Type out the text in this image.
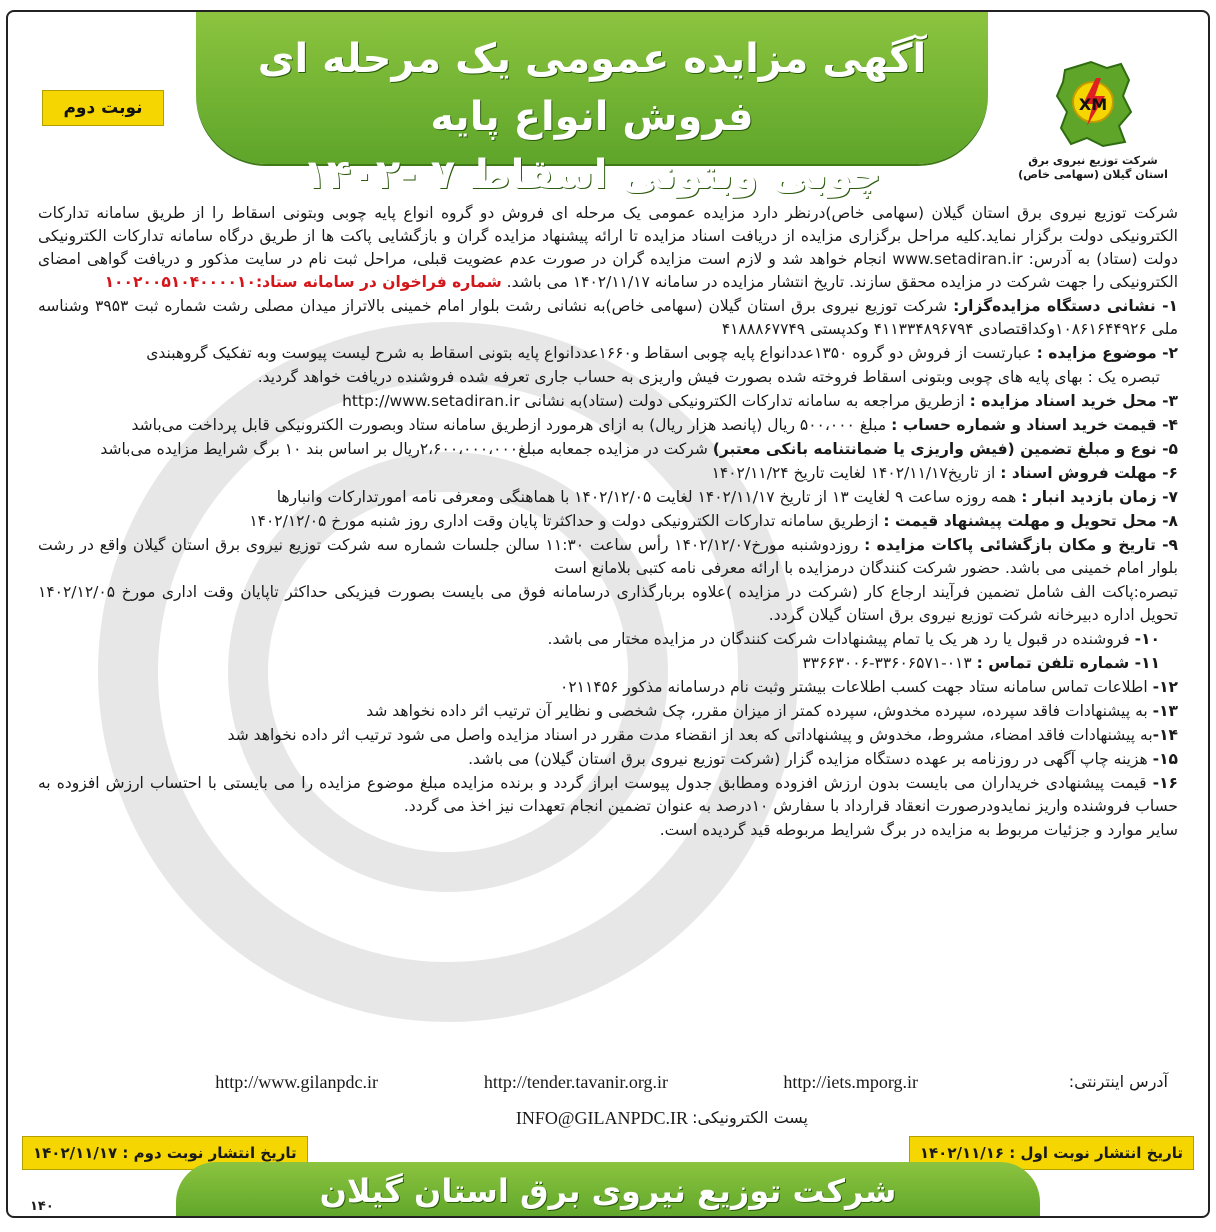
آگهی مزایده عمومی یک مرحله ای فروش انواع پایه
چوبی وبتونی اسقاط ۷ -۱۴۰۲
نوبت دوم	XM
شرکت توزیع نیروی برق
استان گیلان (سهامی خاص)

شرکت توزیع نیروی برق استان گیلان (سهامی خاص)درنظر دارد مزایده عمومی یک مرحله ای فروش دو گروه انواع پایه چوبی وبتونی اسقاط را از طریق سامانه تدارکات الکترونیکی دولت برگزار نماید.کلیه مراحل برگزاری مزایده از دریافت اسناد مزایده تا ارائه پیشنهاد مزایده گران و بازگشایی پاکت ها از طریق درگاه سامانه تدارکات الکترونیکی دولت (ستاد) به آدرس: www.setadiran.ir انجام خواهد شد و لازم است مزایده گران در صورت عدم عضویت قبلی، مراحل ثبت نام در سایت مذکور و دریافت گواهی امضای الکترونیکی را جهت شرکت در مزایده محقق سازند. تاریخ انتشار مزایده در سامانه ۱۴۰۲/۱۱/۱۷ می باشد. شماره فراخوان در سامانه ستاد:۱۰۰۲۰۰۵۱۰۴۰۰۰۰۱۰

۱- نشانی دستگاه مزایده‌گزار: شرکت توزیع نیروی برق استان گیلان (سهامی خاص)به نشانی رشت بلوار امام خمینی بالاتراز میدان مصلی رشت شماره ثبت ۳۹۵۳ وشناسه ملی ۱۰۸۶۱۶۴۴۹۲۶وکداقتصادی ۴۱۱۳۳۴۸۹۶۷۹۴ وکدپستی ۴۱۸۸۸۶۷۷۴۹

۲- موضوع مزایده : عبارتست از فروش دو گروه ۱۳۵۰عددانواع پایه چوبی اسقاط و۱۶۶۰عددانواع پایه بتونی اسقاط به شرح لیست پیوست وبه تفکیک گروهبندی

تبصره یک : بهای پایه های چوبی وبتونی اسقاط فروخته شده بصورت فیش واریزی به حساب جاری تعرفه شده فروشنده دریافت خواهد گردید.

۳- محل خرید اسناد مزایده : ازطریق مراجعه به سامانه تدارکات الکترونیکی دولت (ستاد)به نشانی http://www.setadiran.ir

۴- قیمت خرید اسناد و شماره حساب : مبلغ ۵۰۰،۰۰۰ ریال (پانصد هزار ریال) به ازای هرمورد ازطریق سامانه ستاد وبصورت الکترونیکی قابل پرداخت می‌باشد

۵- نوع و مبلغ تضمین (فیش واریزی یا ضمانتنامه بانکی معتبر) شرکت در مزایده جمعابه مبلغ۲،۶۰۰،۰۰۰،۰۰۰ریال بر اساس بند ۱۰ برگ شرایط مزایده می‌باشد

۶- مهلت فروش اسناد : از تاریخ۱۴۰۲/۱۱/۱۷ لغایت تاریخ ۱۴۰۲/۱۱/۲۴

۷- زمان بازدید انبار : همه روزه ساعت ۹ لغایت ۱۳ از تاریخ ۱۴۰۲/۱۱/۱۷ لغایت ۱۴۰۲/۱۲/۰۵ با هماهنگی ومعرفی نامه امورتدارکات وانبارها

۸- محل تحویل و مهلت پیشنهاد قیمت : ازطریق سامانه تدارکات الکترونیکی دولت و حداکثرتا پایان وقت اداری روز شنبه مورخ ۱۴۰۲/۱۲/۰۵

۹- تاریخ و مکان بازگشائی پاکات مزایده : روزدوشنبه مورخ۱۴۰۲/۱۲/۰۷ رأس ساعت ۱۱:۳۰ سالن جلسات شماره سه شرکت توزیع نیروی برق استان گیلان واقع در رشت بلوار امام خمینی می باشد. حضور شرکت کنندگان درمزایده با ارائه معرفی نامه کتبی بلامانع است

تبصره:پاکت الف شامل تضمین فرآیند ارجاع کار (شرکت در مزایده )علاوه بربارگذاری درسامانه فوق می بایست بصورت فیزیکی حداکثر تاپایان وقت اداری مورخ ۱۴۰۲/۱۲/۰۵ تحویل اداره دبیرخانه شرکت توزیع نیروی برق استان گیلان گردد.

۱۰- فروشنده در قبول یا رد هر یک یا تمام پیشنهادات شرکت کنندگان در مزایده مختار می باشد.

۱۱- شماره تلفن تماس : ۰۱۳-۳۳۶۰۶۵۷۱-۳۳۶۶۳۰۰۶

۱۲- اطلاعات تماس سامانه ستاد جهت کسب اطلاعات بیشتر وثبت نام درسامانه مذکور ۰۲۱۱۴۵۶

۱۳- به پیشنهادات فاقد سپرده، سپرده مخدوش، سپرده کمتر از میزان مقرر، چک شخصی و نظایر آن ترتیب اثر داده نخواهد شد

۱۴-به پیشنهادات فاقد امضاء، مشروط، مخدوش و پیشنهاداتی که بعد از انقضاء مدت مقرر در اسناد مزایده واصل می شود ترتیب اثر داده نخواهد شد

۱۵- هزینه چاپ آگهی در روزنامه بر عهده دستگاه مزایده گزار (شرکت توزیع نیروی برق استان گیلان) می باشد.

۱۶- قیمت پیشنهادی خریداران می بایست بدون ارزش افزوده ومطابق جدول پیوست ابراز گردد و برنده مزایده مبلغ موضوع مزایده را می بایستی با احتساب ارزش افزوده به حساب فروشنده واریز نمایدودرصورت انعقاد قرارداد با سفارش ۱۰درصد به عنوان تضمین انجام تعهدات نیز اخذ می گردد.

سایر موارد و جزئیات مربوط به مزایده در برگ شرایط مربوطه قید گردیده است.

آدرس اینترنتی:
http://iets.mporg.ir
http://tender.tavanir.org.ir
http://www.gilanpdc.ir
پست الکترونیکی:
INFO@GILANPDC.IR
تاریخ انتشار نوبت اول : ۱۴۰۲/۱۱/۱۶
تاریخ انتشار نوبت دوم : ۱۴۰۲/۱۱/۱۷
شرکت توزیع نیروی برق استان گیلان
۱۴۰
